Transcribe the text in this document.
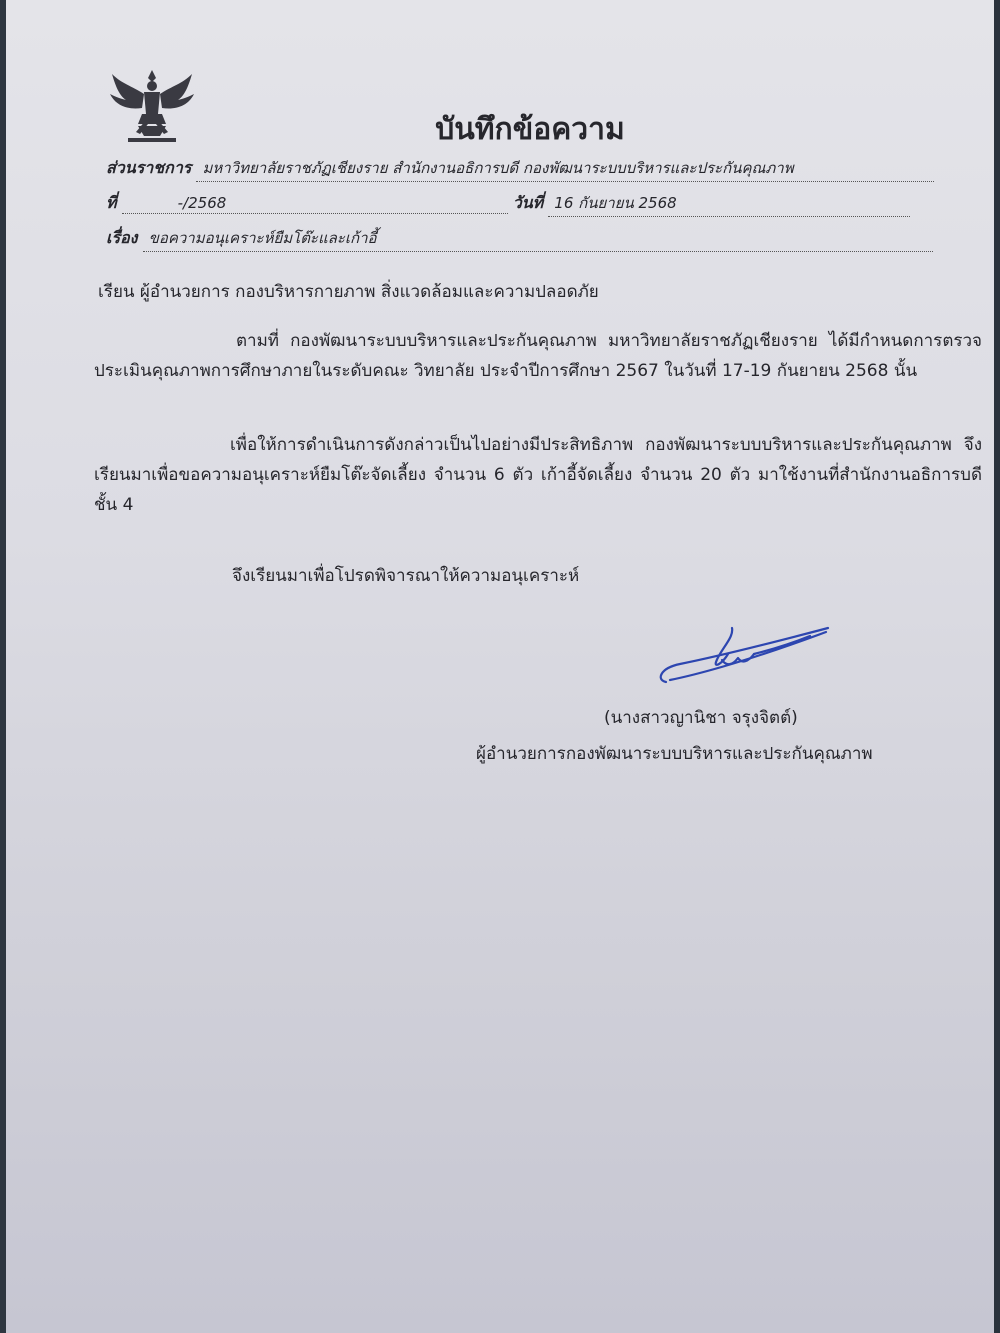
บันทึกข้อความ
ส่วนราชการ มหาวิทยาลัยราชภัฏเชียงราย สำนักงานอธิการบดี กองพัฒนาระบบบริหารและประกันคุณภาพ
ที่	-/2568	วันที่ 16 กันยายน 2568
เรื่อง ขอความอนุเคราะห์ยืมโต๊ะและเก้าอี้
เรียน ผู้อำนวยการ กองบริหารกายภาพ สิ่งแวดล้อมและความปลอดภัย
ตามที่ กองพัฒนาระบบบริหารและประกันคุณภาพ มหาวิทยาลัยราชภัฏเชียงราย ได้มีกำหนดการตรวจประเมินคุณภาพการศึกษาภายในระดับคณะ วิทยาลัย ประจำปีการศึกษา 2567 ในวันที่ 17-19 กันยายน 2568 นั้น
เพื่อให้การดำเนินการดังกล่าวเป็นไปอย่างมีประสิทธิภาพ กองพัฒนาระบบบริหารและประกันคุณภาพ จึงเรียนมาเพื่อขอความอนุเคราะห์ยืมโต๊ะจัดเลี้ยง จำนวน 6 ตัว เก้าอี้จัดเลี้ยง จำนวน 20 ตัว มาใช้งานที่สำนักงานอธิการบดี ชั้น 4
จึงเรียนมาเพื่อโปรดพิจารณาให้ความอนุเคราะห์
(นางสาวญานิชา จรุงจิตต์)
ผู้อำนวยการกองพัฒนาระบบบริหารและประกันคุณภาพ
